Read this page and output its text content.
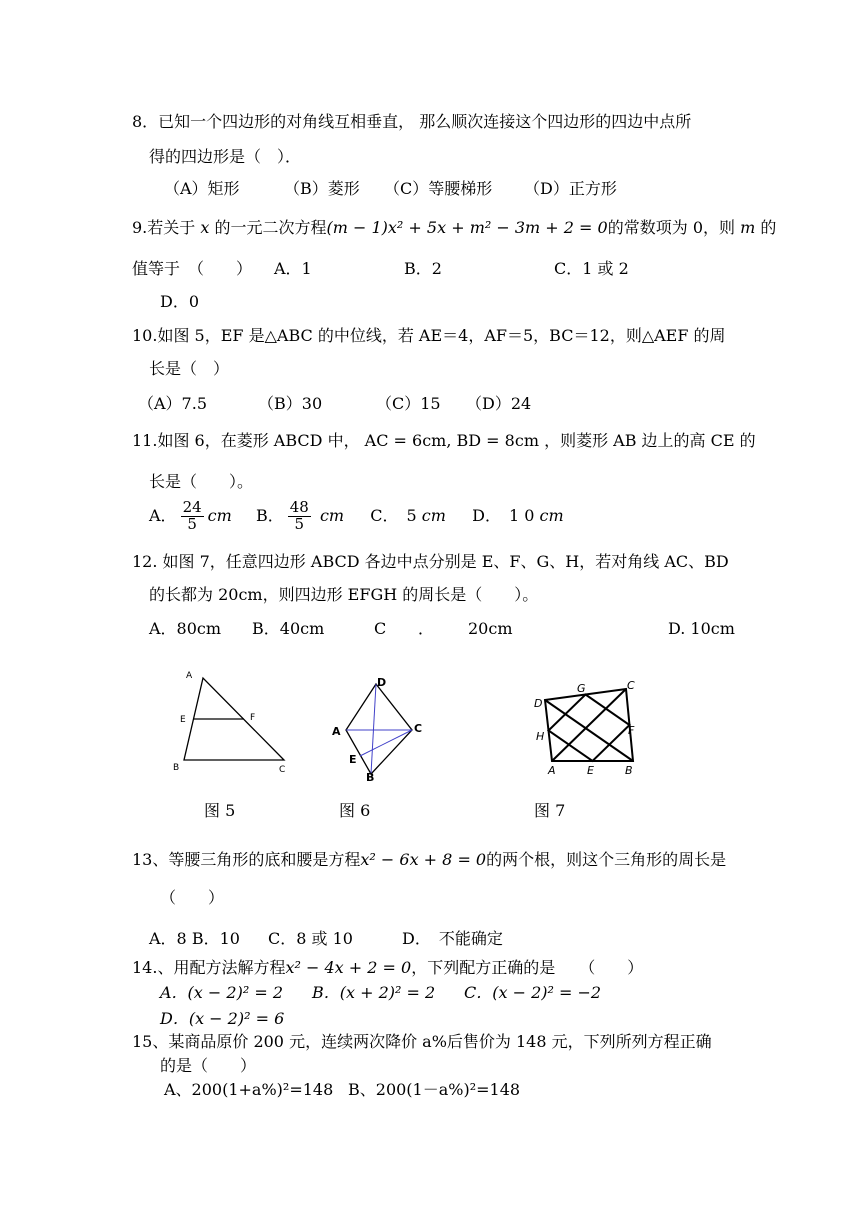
8．已知一个四边形的对角线互相垂直， 那么顺次连接这个四边形的四边中点所
得的四边形是（　）．
（A）矩形	（B）菱形 （C）等腰梯形 （D）正方形
9.若关于 x 的一元二次方程(m − 1)x² + 5x + m² − 3m + 2 = 0的常数项为 0，则 m 的
值等于　（　　） A．1	B．2	C．1 或 2
D．0
10.如图 5，EF 是△ABC 的中位线，若 AE＝4，AF＝5，BC＝12，则△AEF 的周
长是（　）
（A）7.5	（B）30	（C）15 （D）24
11.如图 6，在菱形 ABCD 中， AC = 6cm, BD = 8cm ，则菱形 AB 边上的高 CE 的
长是（　　）。
A． $\frac{24}{5}$ cm B． $\frac{48}{5}$ cm C．　5 cm D．　1 0 cm
12. 如图 7，任意四边形 ABCD 各边中点分别是 E、F、G、H，若对角线 AC、BD
的长都为 20cm，则四边形 EFGH 的周长是（　　）。
A．80cm B．40cm	C ． 20cm	D. 10cm
A
E	F
B	C
图 5
D
A	C
E
B
图 6
D
G	C
H	F
A	E	B
图 7
13、等腰三角形的底和腰是方程x² − 6x + 8 = 0的两个根，则这个三角形的周长是
（　　）
A．8 B．10 C．8 或 10	D．　不能确定
14.、用配方法解方程x² − 4x + 2 = 0，下列配方正确的是　　（　　）
A．(x − 2)² = 2 B．(x + 2)² = 2 C．(x − 2)² = −2
D．(x − 2)² = 6
15、某商品原价 200 元，连续两次降价 a%后售价为 148 元，下列所列方程正确
的是（　　）
A、200(1+a%)²=148 B、200(1－a%)²=148
